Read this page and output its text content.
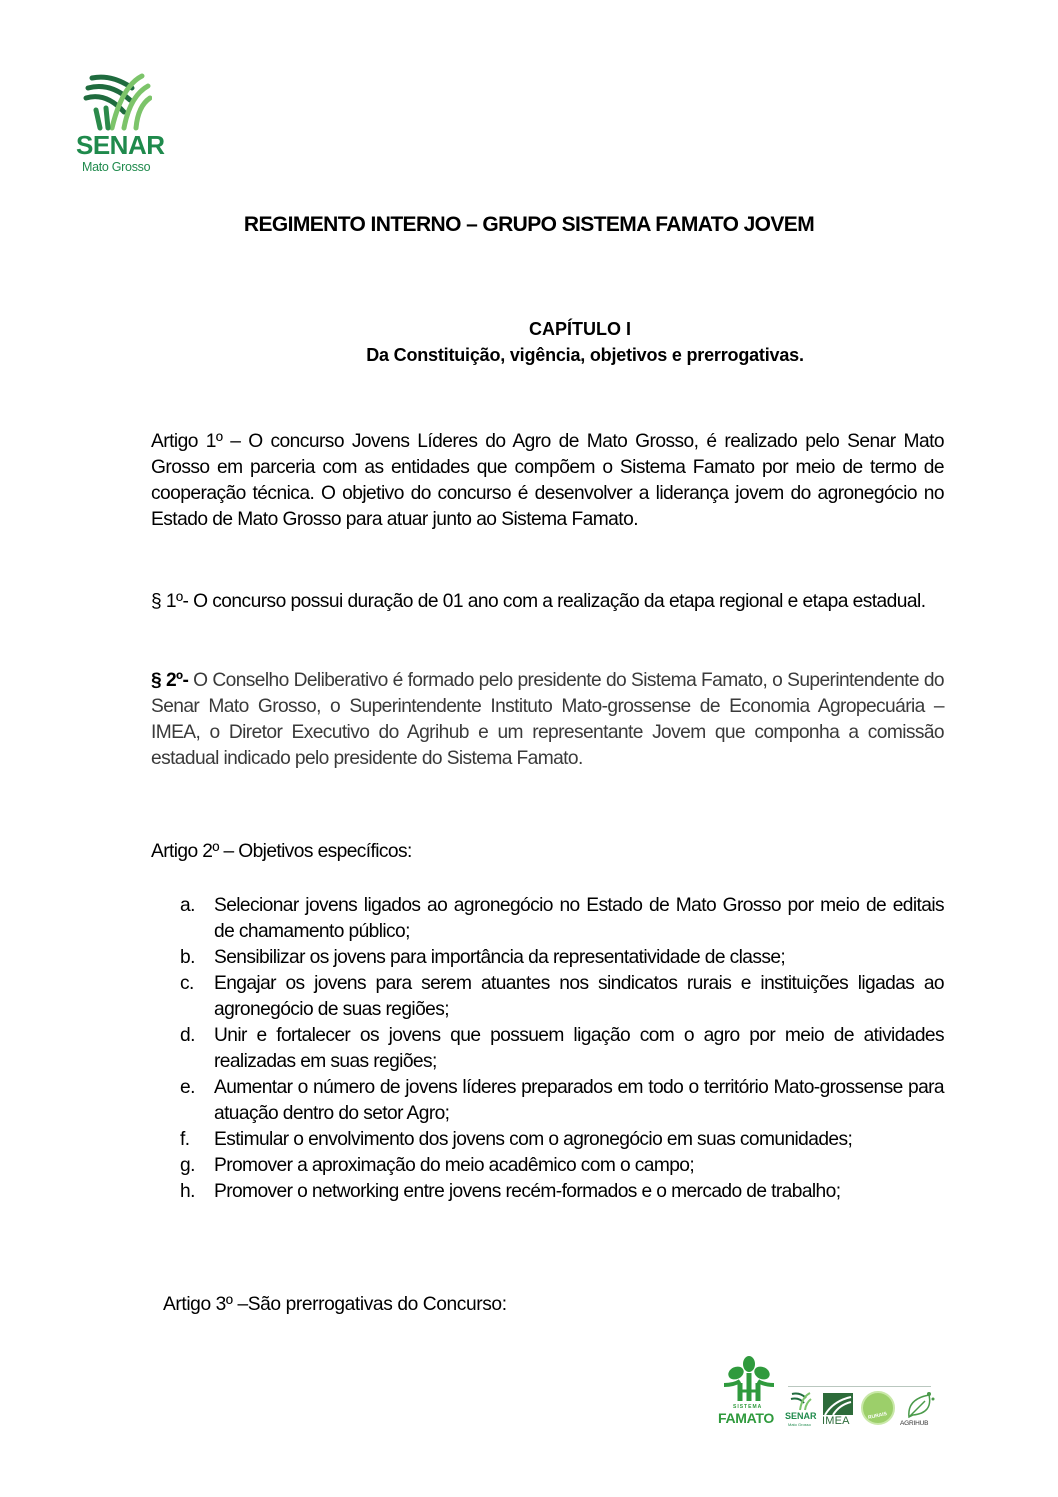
SENAR
Mato Grosso
REGIMENTO INTERNO – GRUPO SISTEMA FAMATO JOVEM
CAPÍTULO I
Da Constituição, vigência, objetivos e prerrogativas.
Artigo 1º – O concurso Jovens Líderes do Agro de Mato Grosso, é realizado pelo Senar Mato Grosso em parceria com as entidades que compõem o Sistema Famato por meio de termo de cooperação técnica. O objetivo do concurso é desenvolver a liderança jovem do agronegócio no Estado de Mato Grosso para atuar junto ao Sistema Famato.
§ 1º- O concurso possui duração de 01 ano com a realização da etapa regional e etapa estadual.
§ 2º- O Conselho Deliberativo é formado pelo presidente do Sistema Famato, o Superintendente do Senar Mato Grosso, o Superintendente Instituto Mato-grossense de Economia Agropecuária – IMEA, o Diretor Executivo do Agrihub e um representante Jovem que componha a comissão estadual indicado pelo presidente do Sistema Famato.
Artigo 2º – Objetivos específicos:
a. Selecionar jovens ligados ao agronegócio no Estado de Mato Grosso por meio de editais de chamamento público;
b. Sensibilizar os jovens para importância da representatividade de classe;
c. Engajar os jovens para serem atuantes nos sindicatos rurais e instituições ligadas ao agronegócio de suas regiões;
d. Unir e fortalecer os jovens que possuem ligação com o agro por meio de atividades realizadas em suas regiões;
e. Aumentar o número de jovens líderes preparados em todo o território Mato-grossense para atuação dentro do setor Agro;
f. Estimular o envolvimento dos jovens com o agronegócio em suas comunidades;
g. Promover a aproximação do meio acadêmico com o campo;
h. Promover o networking entre jovens recém-formados e o mercado de trabalho;
Artigo 3º –São prerrogativas do Concurso:
SISTEMA
FAMATO SENAR
Mato Grosso IMEA	RURAIS
AGRIHUB
